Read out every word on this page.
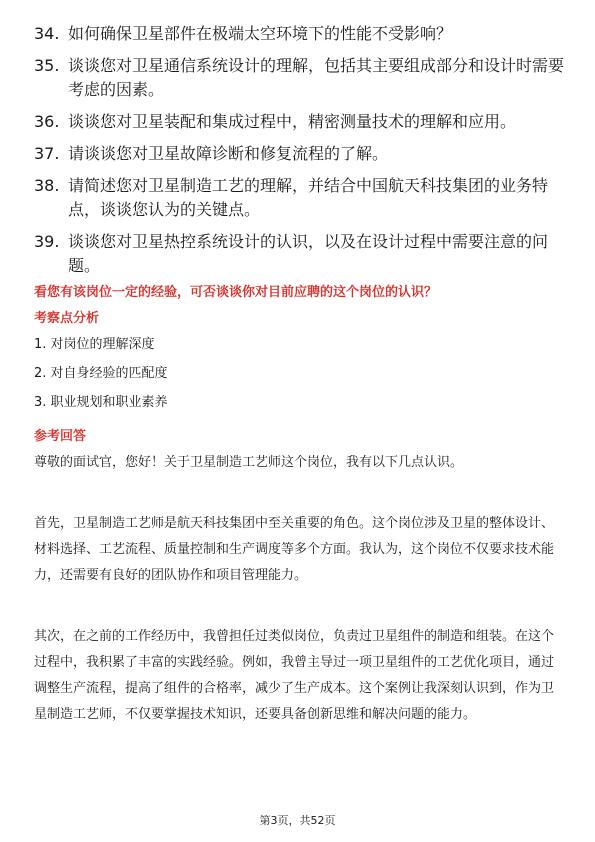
34. 如何确保卫星部件在极端太空环境下的性能不受影响？
35. 谈谈您对卫星通信系统设计的理解，包括其主要组成部分和设计时需要考虑的因素。
36. 谈谈您对卫星装配和集成过程中，精密测量技术的理解和应用。
37. 请谈谈您对卫星故障诊断和修复流程的了解。
38. 请简述您对卫星制造工艺的理解，并结合中国航天科技集团的业务特点，谈谈您认为的关键点。
39. 谈谈您对卫星热控系统设计的认识，以及在设计过程中需要注意的问题。
看您有该岗位一定的经验，可否谈谈你对目前应聘的这个岗位的认识？
考察点分析
1. 对岗位的理解深度
2. 对自身经验的匹配度
3. 职业规划和职业素养
参考回答
尊敬的面试官，您好！关于卫星制造工艺师这个岗位，我有以下几点认识。
首先，卫星制造工艺师是航天科技集团中至关重要的角色。这个岗位涉及卫星的整体设计、材料选择、工艺流程、质量控制和生产调度等多个方面。我认为，这个岗位不仅要求技术能力，还需要有良好的团队协作和项目管理能力。
其次，在之前的工作经历中，我曾担任过类似岗位，负责过卫星组件的制造和组装。在这个过程中，我积累了丰富的实践经验。例如，我曾主导过一项卫星组件的工艺优化项目，通过调整生产流程，提高了组件的合格率，减少了生产成本。这个案例让我深刻认识到，作为卫星制造工艺师，不仅要掌握技术知识，还要具备创新思维和解决问题的能力。
第3页，共52页
